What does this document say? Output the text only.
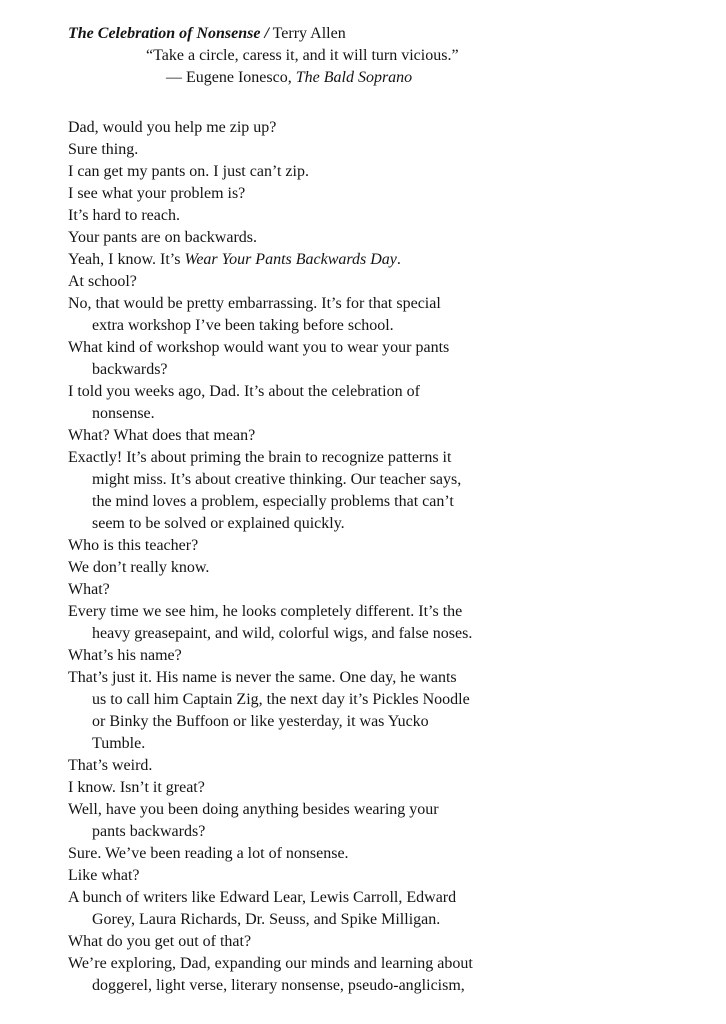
The Celebration of Nonsense / Terry Allen
“Take a circle, caress it, and it will turn vicious.”
— Eugene Ionesco, The Bald Soprano
Dad, would you help me zip up?
Sure thing.
I can get my pants on. I just can’t zip.
I see what your problem is?
It’s hard to reach.
Your pants are on backwards.
Yeah, I know. It’s Wear Your Pants Backwards Day.
At school?
No, that would be pretty embarrassing. It’s for that special
extra workshop I’ve been taking before school.
What kind of workshop would want you to wear your pants
backwards?
I told you weeks ago, Dad. It’s about the celebration of
nonsense.
What? What does that mean?
Exactly! It’s about priming the brain to recognize patterns it
might miss. It’s about creative thinking. Our teacher says,
the mind loves a problem, especially problems that can’t
seem to be solved or explained quickly.
Who is this teacher?
We don’t really know.
What?
Every time we see him, he looks completely different. It’s the
heavy greasepaint, and wild, colorful wigs, and false noses.
What’s his name?
That’s just it. His name is never the same. One day, he wants
us to call him Captain Zig, the next day it’s Pickles Noodle
or Binky the Buffoon or like yesterday, it was Yucko
Tumble.
That’s weird.
I know. Isn’t it great?
Well, have you been doing anything besides wearing your
pants backwards?
Sure. We’ve been reading a lot of nonsense.
Like what?
A bunch of writers like Edward Lear, Lewis Carroll, Edward
Gorey, Laura Richards, Dr. Seuss, and Spike Milligan.
What do you get out of that?
We’re exploring, Dad, expanding our minds and learning about
doggerel, light verse, literary nonsense, pseudo-anglicism,
